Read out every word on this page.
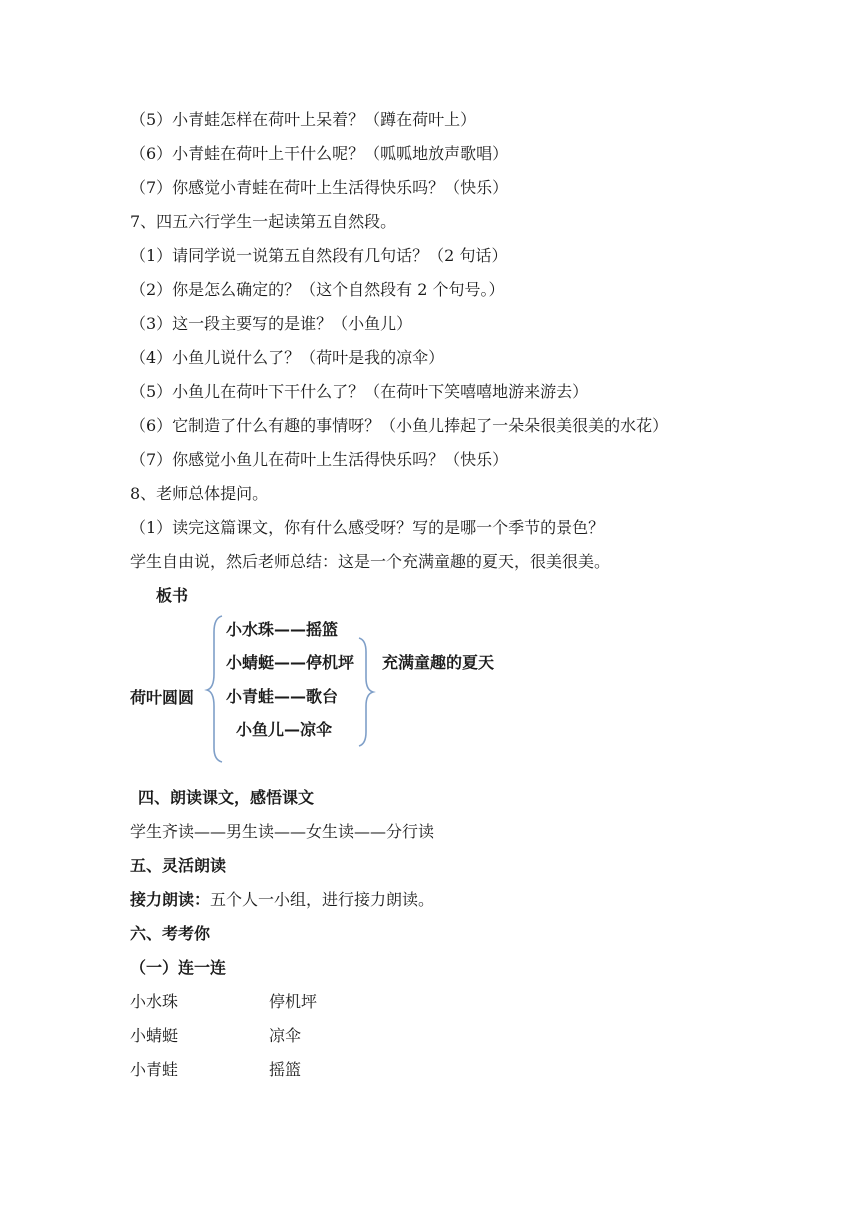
（5）小青蛙怎样在荷叶上呆着？（蹲在荷叶上）
（6）小青蛙在荷叶上干什么呢？（呱呱地放声歌唱）
（7）你感觉小青蛙在荷叶上生活得快乐吗？（快乐）
7、四五六行学生一起读第五自然段。
（1）请同学说一说第五自然段有几句话？（2 句话）
（2）你是怎么确定的？（这个自然段有 2 个句号。）
（3）这一段主要写的是谁？（小鱼儿）
（4）小鱼儿说什么了？（荷叶是我的凉伞）
（5）小鱼儿在荷叶下干什么了？（在荷叶下笑嘻嘻地游来游去）
（6）它制造了什么有趣的事情呀？（小鱼儿捧起了一朵朵很美很美的水花）
（7）你感觉小鱼儿在荷叶上生活得快乐吗？（快乐）
8、老师总体提问。
（1）读完这篇课文，你有什么感受呀？写的是哪一个季节的景色？
学生自由说，然后老师总结：这是一个充满童趣的夏天，很美很美。
板书
荷叶圆圆
小水珠——摇篮
小蜻蜓——停机坪
小青蛙——歌台
小鱼儿—凉伞
充满童趣的夏天
四、朗读课文，感悟课文
学生齐读——男生读——女生读——分行读
五、灵活朗读
接力朗读：五个人一小组，进行接力朗读。
六、考考你
（一）连一连
小水珠	停机坪
小蜻蜓	凉伞
小青蛙	摇篮
